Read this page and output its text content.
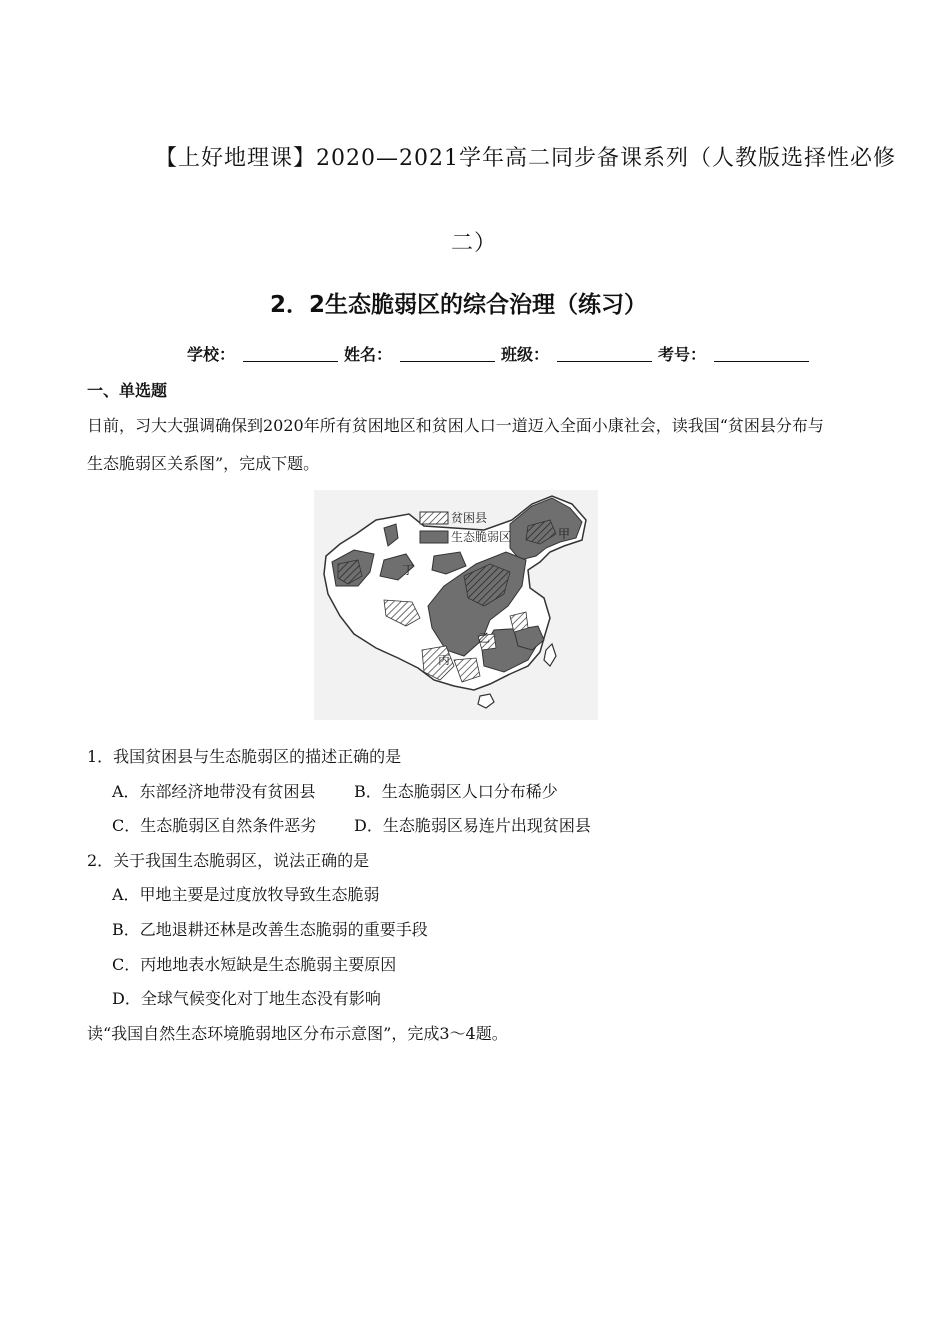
【上好地理课】2020—2021学年高二同步备课系列（人教版选择性必修
二）
2．2生态脆弱区的综合治理（练习）
学校：	姓名：	班级：	考号：
一、单选题
日前，习大大强调确保到2020年所有贫困地区和贫困人口一道迈入全面小康社会，读我国“贫困县分布与
生态脆弱区关系图”，完成下题。
贫困县
生态脆弱区	甲
乙
丙
丁
1．我国贫困县与生态脆弱区的描述正确的是
A．东部经济地带没有贫困县 B．生态脆弱区人口分布稀少
C．生态脆弱区自然条件恶劣 D．生态脆弱区易连片出现贫困县
2．关于我国生态脆弱区，说法正确的是
A．甲地主要是过度放牧导致生态脆弱
B．乙地退耕还林是改善生态脆弱的重要手段
C．丙地地表水短缺是生态脆弱主要原因
D．全球气候变化对丁地生态没有影响
读“我国自然生态环境脆弱地区分布示意图”，完成3～4题。
